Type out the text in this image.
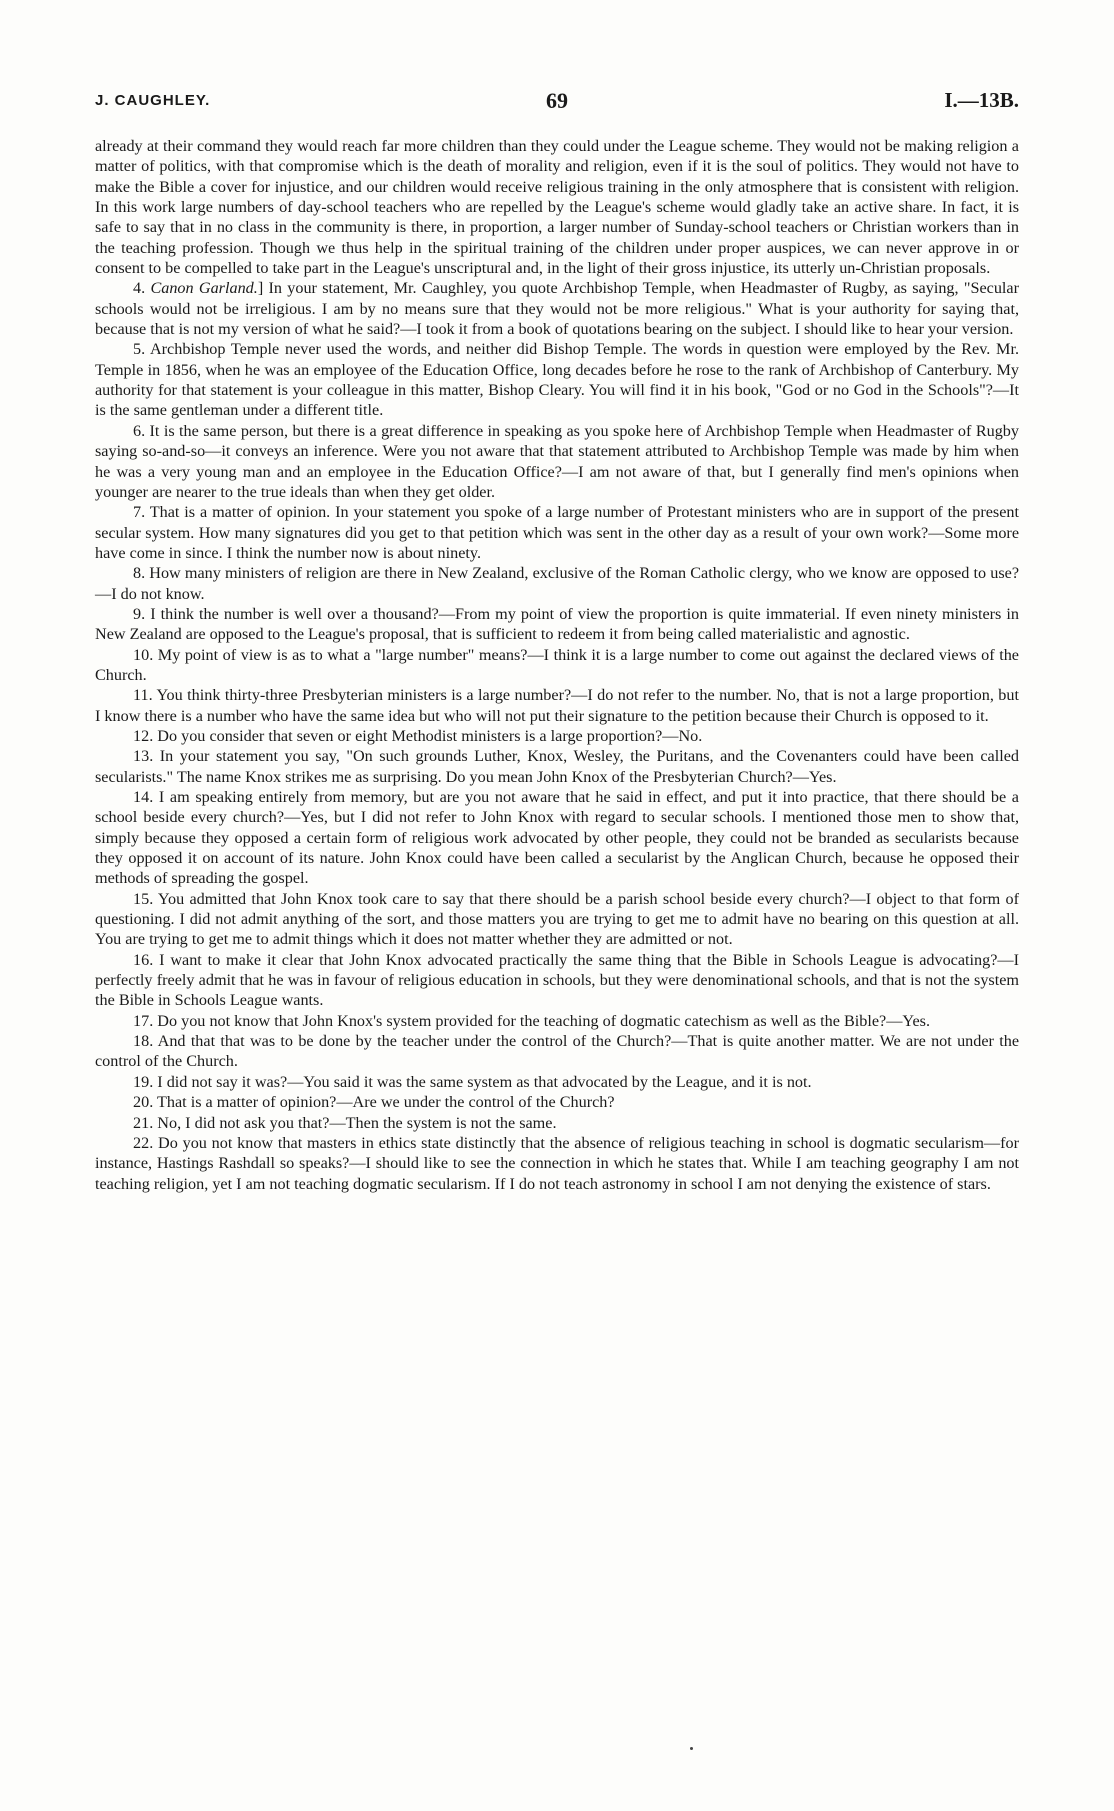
J. CAUGHLEY.	69	I.—13B.

already at their command they would reach far more children than they could under the League scheme. They would not be making religion a matter of politics, with that compromise which is the death of morality and religion, even if it is the soul of politics. They would not have to make the Bible a cover for injustice, and our children would receive religious training in the only atmosphere that is consistent with religion. In this work large numbers of day-school teachers who are repelled by the League's scheme would gladly take an active share. In fact, it is safe to say that in no class in the community is there, in proportion, a larger number of Sunday-school teachers or Christian workers than in the teaching profession. Though we thus help in the spiritual training of the children under proper auspices, we can never approve in or consent to be compelled to take part in the League's unscriptural and, in the light of their gross injustice, its utterly un-Christian proposals.

4. Canon Garland.] In your statement, Mr. Caughley, you quote Archbishop Temple, when Headmaster of Rugby, as saying, "Secular schools would not be irreligious. I am by no means sure that they would not be more religious." What is your authority for saying that, because that is not my version of what he said?—I took it from a book of quotations bearing on the subject. I should like to hear your version.

5. Archbishop Temple never used the words, and neither did Bishop Temple. The words in question were employed by the Rev. Mr. Temple in 1856, when he was an employee of the Education Office, long decades before he rose to the rank of Archbishop of Canterbury. My authority for that statement is your colleague in this matter, Bishop Cleary. You will find it in his book, "God or no God in the Schools"?—It is the same gentleman under a different title.

6. It is the same person, but there is a great difference in speaking as you spoke here of Archbishop Temple when Headmaster of Rugby saying so-and-so—it conveys an inference. Were you not aware that that statement attributed to Archbishop Temple was made by him when he was a very young man and an employee in the Education Office?—I am not aware of that, but I generally find men's opinions when younger are nearer to the true ideals than when they get older.

7. That is a matter of opinion. In your statement you spoke of a large number of Protestant ministers who are in support of the present secular system. How many signatures did you get to that petition which was sent in the other day as a result of your own work?—Some more have come in since. I think the number now is about ninety.

8. How many ministers of religion are there in New Zealand, exclusive of the Roman Catholic clergy, who we know are opposed to use?—I do not know.

9. I think the number is well over a thousand?—From my point of view the proportion is quite immaterial. If even ninety ministers in New Zealand are opposed to the League's proposal, that is sufficient to redeem it from being called materialistic and agnostic.

10. My point of view is as to what a "large number" means?—I think it is a large number to come out against the declared views of the Church.

11. You think thirty-three Presbyterian ministers is a large number?—I do not refer to the number. No, that is not a large proportion, but I know there is a number who have the same idea but who will not put their signature to the petition because their Church is opposed to it.

12. Do you consider that seven or eight Methodist ministers is a large proportion?—No.

13. In your statement you say, "On such grounds Luther, Knox, Wesley, the Puritans, and the Covenanters could have been called secularists." The name Knox strikes me as surprising. Do you mean John Knox of the Presbyterian Church?—Yes.

14. I am speaking entirely from memory, but are you not aware that he said in effect, and put it into practice, that there should be a school beside every church?—Yes, but I did not refer to John Knox with regard to secular schools. I mentioned those men to show that, simply because they opposed a certain form of religious work advocated by other people, they could not be branded as secularists because they opposed it on account of its nature. John Knox could have been called a secularist by the Anglican Church, because he opposed their methods of spreading the gospel.

15. You admitted that John Knox took care to say that there should be a parish school beside every church?—I object to that form of questioning. I did not admit anything of the sort, and those matters you are trying to get me to admit have no bearing on this question at all. You are trying to get me to admit things which it does not matter whether they are admitted or not.

16. I want to make it clear that John Knox advocated practically the same thing that the Bible in Schools League is advocating?—I perfectly freely admit that he was in favour of religious education in schools, but they were denominational schools, and that is not the system the Bible in Schools League wants.

17. Do you not know that John Knox's system provided for the teaching of dogmatic catechism as well as the Bible?—Yes.

18. And that that was to be done by the teacher under the control of the Church?—That is quite another matter. We are not under the control of the Church.

19. I did not say it was?—You said it was the same system as that advocated by the League, and it is not.

20. That is a matter of opinion?—Are we under the control of the Church?

21. No, I did not ask you that?—Then the system is not the same.

22. Do you not know that masters in ethics state distinctly that the absence of religious teaching in school is dogmatic secularism—for instance, Hastings Rashdall so speaks?—I should like to see the connection in which he states that. While I am teaching geography I am not teaching religion, yet I am not teaching dogmatic secularism. If I do not teach astronomy in school I am not denying the existence of stars.
